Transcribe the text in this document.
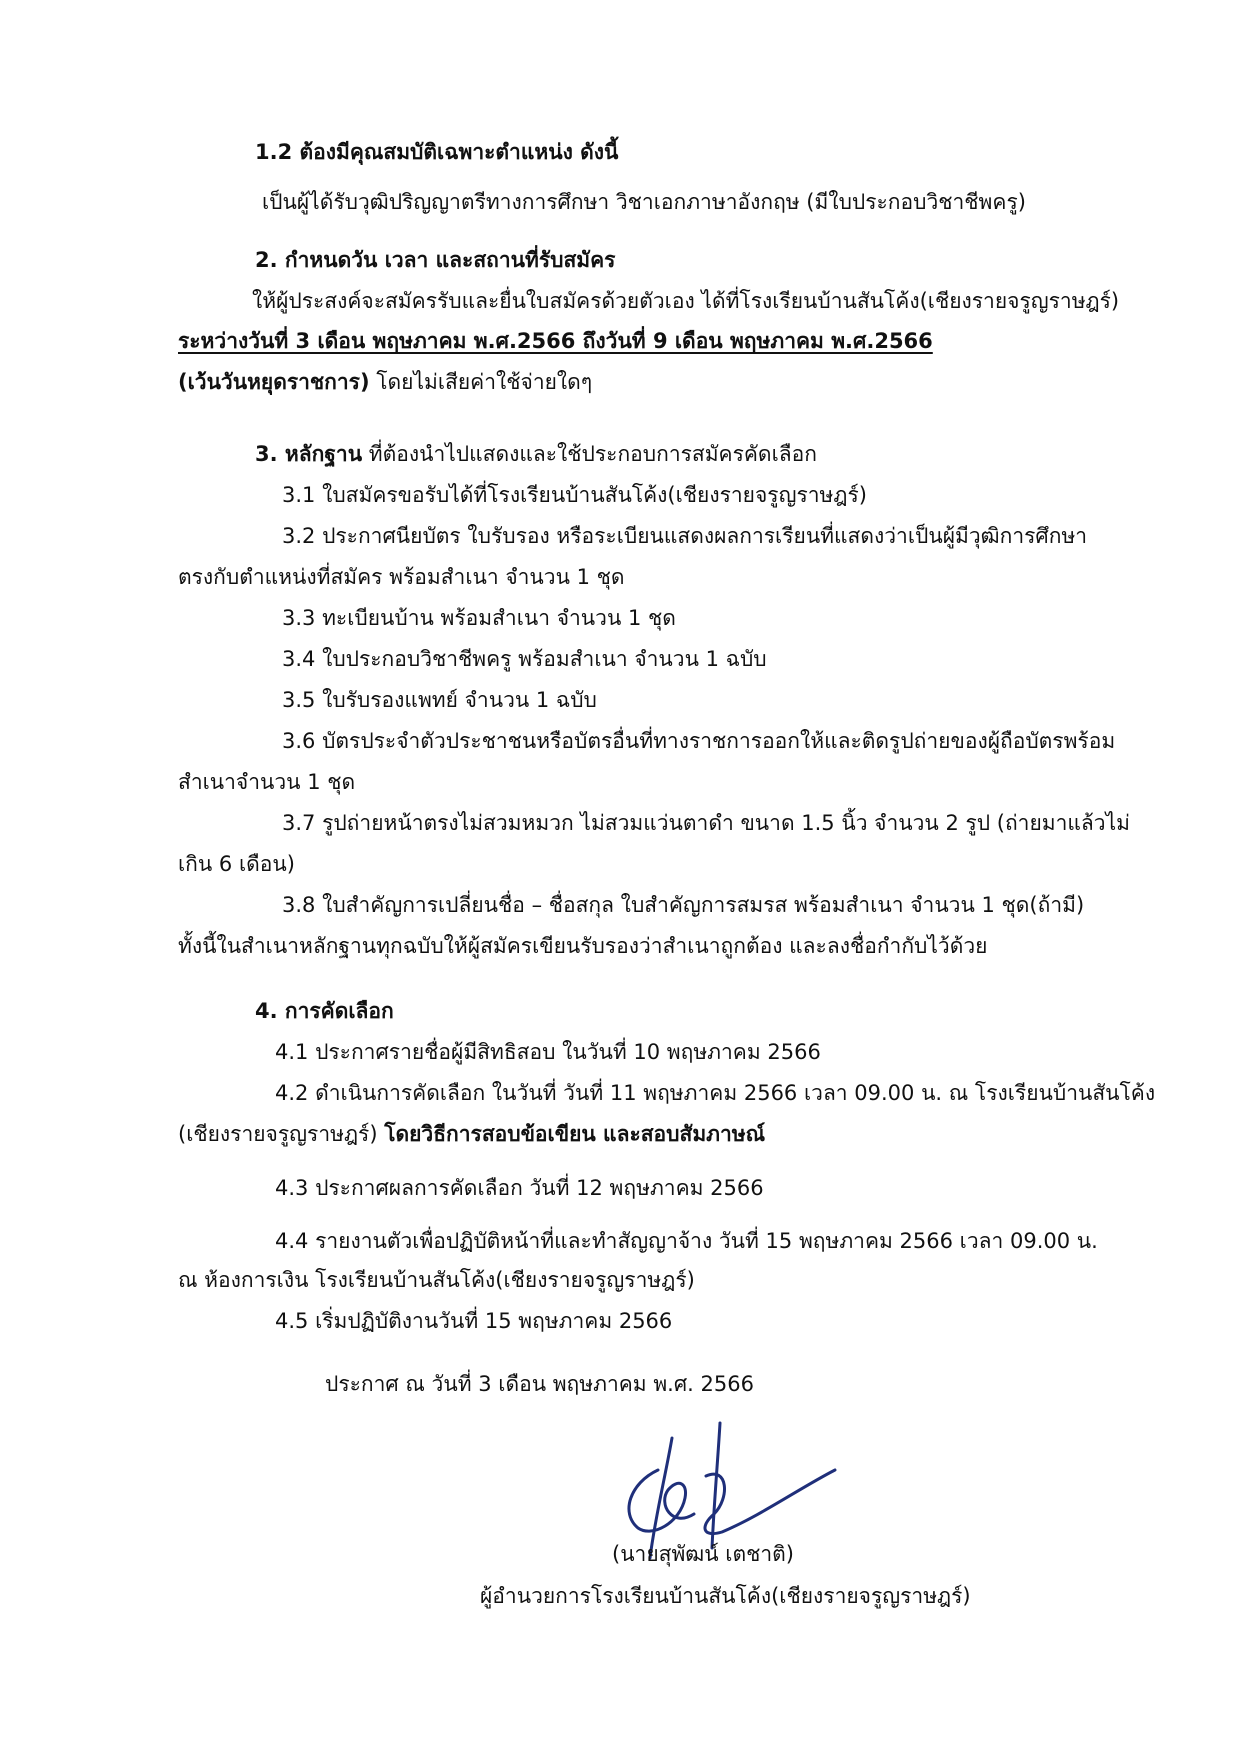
1.2 ต้องมีคุณสมบัติเฉพาะตำแหน่ง ดังนี้
เป็นผู้ได้รับวุฒิปริญญาตรีทางการศึกษา วิชาเอกภาษาอังกฤษ (มีใบประกอบวิชาชีพครู)
2. กำหนดวัน เวลา และสถานที่รับสมัคร
ให้ผู้ประสงค์จะสมัครรับและยื่นใบสมัครด้วยตัวเอง ได้ที่โรงเรียนบ้านสันโค้ง(เชียงรายจรูญราษฎร์)
ระหว่างวันที่ 3 เดือน พฤษภาคม พ.ศ.2566 ถึงวันที่ 9 เดือน พฤษภาคม พ.ศ.2566
(เว้นวันหยุดราชการ) โดยไม่เสียค่าใช้จ่ายใดๆ
3. หลักฐาน ที่ต้องนำไปแสดงและใช้ประกอบการสมัครคัดเลือก
3.1 ใบสมัครขอรับได้ที่โรงเรียนบ้านสันโค้ง(เชียงรายจรูญราษฎร์)
3.2 ประกาศนียบัตร ใบรับรอง หรือระเบียนแสดงผลการเรียนที่แสดงว่าเป็นผู้มีวุฒิการศึกษา
ตรงกับตำแหน่งที่สมัคร พร้อมสำเนา จำนวน 1 ชุด
3.3 ทะเบียนบ้าน พร้อมสำเนา จำนวน 1 ชุด
3.4 ใบประกอบวิชาชีพครู พร้อมสำเนา จำนวน 1 ฉบับ
3.5 ใบรับรองแพทย์ จำนวน 1 ฉบับ
3.6 บัตรประจำตัวประชาชนหรือบัตรอื่นที่ทางราชการออกให้และติดรูปถ่ายของผู้ถือบัตรพร้อม
สำเนาจำนวน 1 ชุด
3.7 รูปถ่ายหน้าตรงไม่สวมหมวก ไม่สวมแว่นตาดำ ขนาด 1.5 นิ้ว จำนวน 2 รูป (ถ่ายมาแล้วไม่
เกิน 6 เดือน)
3.8 ใบสำคัญการเปลี่ยนชื่อ – ชื่อสกุล ใบสำคัญการสมรส พร้อมสำเนา จำนวน 1 ชุด(ถ้ามี)
ทั้งนี้ในสำเนาหลักฐานทุกฉบับให้ผู้สมัครเขียนรับรองว่าสำเนาถูกต้อง และลงชื่อกำกับไว้ด้วย
4. การคัดเลือก
4.1 ประกาศรายชื่อผู้มีสิทธิสอบ ในวันที่ 10 พฤษภาคม 2566
4.2 ดำเนินการคัดเลือก ในวันที่ วันที่ 11 พฤษภาคม 2566 เวลา 09.00 น. ณ โรงเรียนบ้านสันโค้ง
(เชียงรายจรูญราษฎร์) โดยวิธีการสอบข้อเขียน และสอบสัมภาษณ์
4.3 ประกาศผลการคัดเลือก วันที่ 12 พฤษภาคม 2566
4.4 รายงานตัวเพื่อปฏิบัติหน้าที่และทำสัญญาจ้าง วันที่ 15 พฤษภาคม 2566 เวลา 09.00 น.
ณ ห้องการเงิน โรงเรียนบ้านสันโค้ง(เชียงรายจรูญราษฎร์)
4.5 เริ่มปฏิบัติงานวันที่ 15 พฤษภาคม 2566
ประกาศ ณ วันที่ 3 เดือน พฤษภาคม พ.ศ. 2566
(นายสุพัฒน์ เตชาติ)
ผู้อำนวยการโรงเรียนบ้านสันโค้ง(เชียงรายจรูญราษฎร์)
